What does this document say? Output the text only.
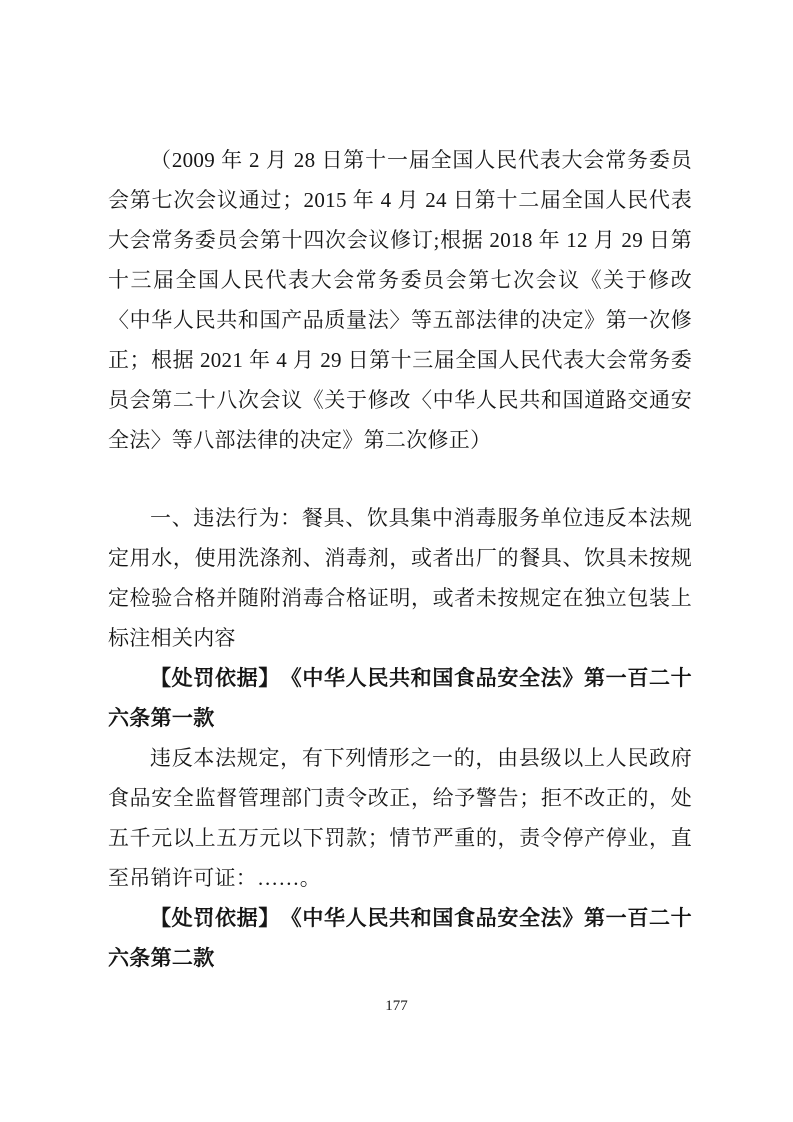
（2009 年 2 月 28 日第十一届全国人民代表大会常务委员会第七次会议通过；2015 年 4 月 24 日第十二届全国人民代表大会常务委员会第十四次会议修订;根据 2018 年 12 月 29 日第十三届全国人民代表大会常务委员会第七次会议《关于修改〈中华人民共和国产品质量法〉等五部法律的决定》第一次修正；根据 2021 年 4 月 29 日第十三届全国人民代表大会常务委员会第二十八次会议《关于修改〈中华人民共和国道路交通安全法〉等八部法律的决定》第二次修正）

一、违法行为：餐具、饮具集中消毒服务单位违反本法规定用水，使用洗涤剂、消毒剂，或者出厂的餐具、饮具未按规定检验合格并随附消毒合格证明，或者未按规定在独立包装上标注相关内容

【处罚依据】　《中华人民共和国食品安全法》第一百二十六条第一款

违反本法规定，有下列情形之一的，由县级以上人民政府食品安全监督管理部门责令改正，给予警告；拒不改正的，处五千元以上五万元以下罚款；情节严重的，责令停产停业，直至吊销许可证：……。

【处罚依据】　《中华人民共和国食品安全法》第一百二十六条第二款

177
